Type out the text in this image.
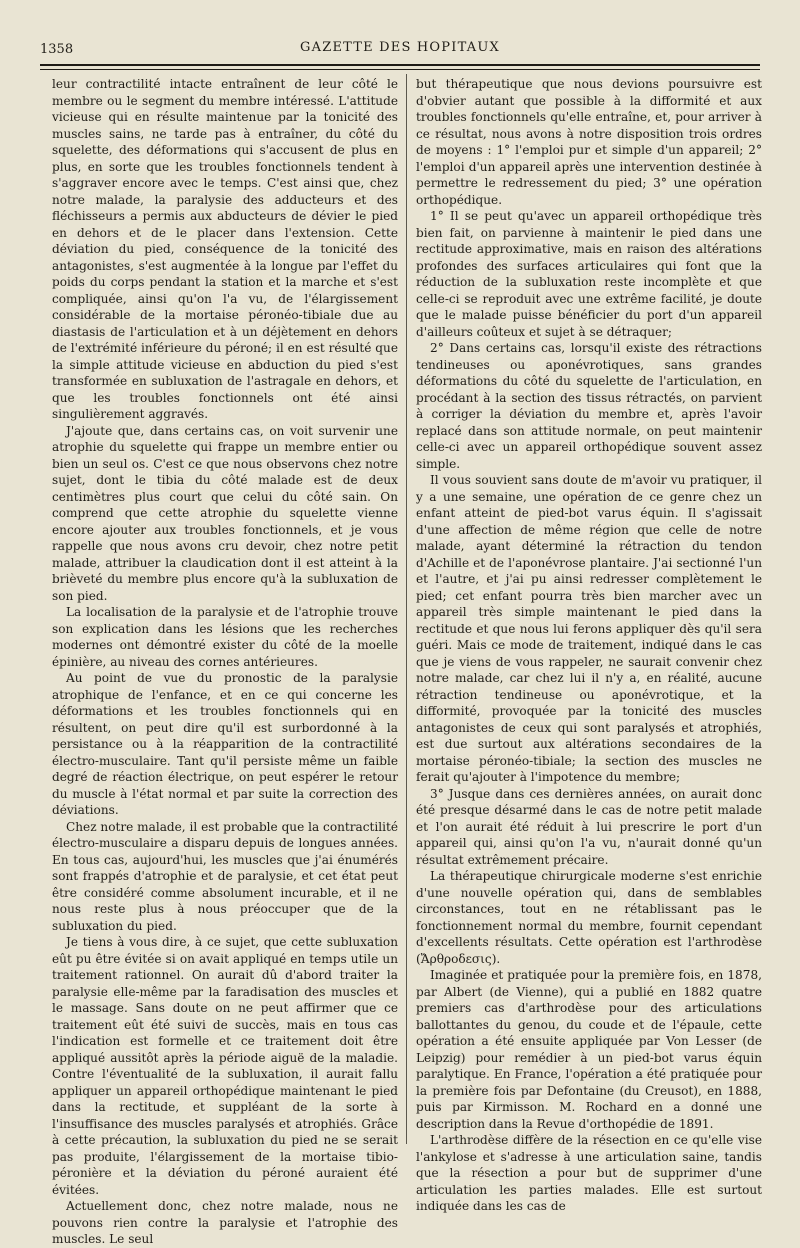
1358	GAZETTE DES HOPITAUX

leur contractilité intacte entraînent de leur côté le membre ou le segment du membre intéressé. L'attitude vicieuse qui en résulte maintenue par la tonicité des muscles sains, ne tarde pas à entraîner, du côté du squelette, des déformations qui s'accusent de plus en plus, en sorte que les troubles fonctionnels tendent à s'aggraver encore avec le temps. C'est ainsi que, chez notre malade, la paralysie des adducteurs et des fléchisseurs a permis aux abducteurs de dévier le pied en dehors et de le placer dans l'extension. Cette déviation du pied, conséquence de la tonicité des antagonistes, s'est augmentée à la longue par l'effet du poids du corps pendant la station et la marche et s'est compliquée, ainsi qu'on l'a vu, de l'élargissement considérable de la mortaise péronéo-tibiale due au diastasis de l'articulation et à un déjètement en dehors de l'extrémité inférieure du péroné; il en est résulté que la simple attitude vicieuse en abduction du pied s'est transformée en subluxation de l'astragale en dehors, et que les troubles fonctionnels ont été ainsi singulièrement aggravés.

J'ajoute que, dans certains cas, on voit survenir une atrophie du squelette qui frappe un membre entier ou bien un seul os. C'est ce que nous observons chez notre sujet, dont le tibia du côté malade est de deux centimètres plus court que celui du côté sain. On comprend que cette atrophie du squelette vienne encore ajouter aux troubles fonctionnels, et je vous rappelle que nous avons cru devoir, chez notre petit malade, attribuer la claudication dont il est atteint à la brièveté du membre plus encore qu'à la subluxation de son pied.

La localisation de la paralysie et de l'atrophie trouve son explication dans les lésions que les recherches modernes ont démontré exister du côté de la moelle épinière, au niveau des cornes antérieures.

Au point de vue du pronostic de la paralysie atrophique de l'enfance, et en ce qui concerne les déformations et les troubles fonctionnels qui en résultent, on peut dire qu'il est surbordonné à la persistance ou à la réapparition de la contractilité électro-musculaire. Tant qu'il persiste même un faible degré de réaction électrique, on peut espérer le retour du muscle à l'état normal et par suite la correction des déviations.

Chez notre malade, il est probable que la contractilité électro-musculaire a disparu depuis de longues années. En tous cas, aujourd'hui, les muscles que j'ai énumérés sont frappés d'atrophie et de paralysie, et cet état peut être considéré comme absolument incurable, et il ne nous reste plus à nous préoccuper que de la subluxation du pied.

Je tiens à vous dire, à ce sujet, que cette subluxation eût pu être évitée si on avait appliqué en temps utile un traitement rationnel. On aurait dû d'abord traiter la paralysie elle-même par la faradisation des muscles et le massage. Sans doute on ne peut affirmer que ce traitement eût été suivi de succès, mais en tous cas l'indication est formelle et ce traitement doit être appliqué aussitôt après la période aiguë de la maladie. Contre l'éventualité de la subluxation, il aurait fallu appliquer un appareil orthopédique maintenant le pied dans la rectitude, et suppléant de la sorte à l'insuffisance des muscles paralysés et atrophiés. Grâce à cette précaution, la subluxation du pied ne se serait pas produite, l'élargissement de la mortaise tibio-péronière et la déviation du péroné auraient été évitées.

Actuellement donc, chez notre malade, nous ne pouvons rien contre la paralysie et l'atrophie des muscles. Le seul

but thérapeutique que nous devions poursuivre est d'obvier autant que possible à la difformité et aux troubles fonctionnels qu'elle entraîne, et, pour arriver à ce résultat, nous avons à notre disposition trois ordres de moyens : 1° l'emploi pur et simple d'un appareil; 2° l'emploi d'un appareil après une intervention destinée à permettre le redressement du pied; 3° une opération orthopédique.

1° Il se peut qu'avec un appareil orthopédique très bien fait, on parvienne à maintenir le pied dans une rectitude approximative, mais en raison des altérations profondes des surfaces articulaires qui font que la réduction de la subluxation reste incomplète et que celle-ci se reproduit avec une extrême facilité, je doute que le malade puisse bénéficier du port d'un appareil d'ailleurs coûteux et sujet à se détraquer;

2° Dans certains cas, lorsqu'il existe des rétractions tendineuses ou aponévrotiques, sans grandes déformations du côté du squelette de l'articulation, en procédant à la section des tissus rétractés, on parvient à corriger la déviation du membre et, après l'avoir replacé dans son attitude normale, on peut maintenir celle-ci avec un appareil orthopédique souvent assez simple.

Il vous souvient sans doute de m'avoir vu pratiquer, il y a une semaine, une opération de ce genre chez un enfant atteint de pied-bot varus équin. Il s'agissait d'une affection de même région que celle de notre malade, ayant déterminé la rétraction du tendon d'Achille et de l'aponévrose plantaire. J'ai sectionné l'un et l'autre, et j'ai pu ainsi redresser complètement le pied; cet enfant pourra très bien marcher avec un appareil très simple maintenant le pied dans la rectitude et que nous lui ferons appliquer dès qu'il sera guéri. Mais ce mode de traitement, indiqué dans le cas que je viens de vous rappeler, ne saurait convenir chez notre malade, car chez lui il n'y a, en réalité, aucune rétraction tendineuse ou aponévrotique, et la difformité, provoquée par la tonicité des muscles antagonistes de ceux qui sont paralysés et atrophiés, est due surtout aux altérations secondaires de la mortaise péronéo-tibiale; la section des muscles ne ferait qu'ajouter à l'impotence du membre;

3° Jusque dans ces dernières années, on aurait donc été presque désarmé dans le cas de notre petit malade et l'on aurait été réduit à lui prescrire le port d'un appareil qui, ainsi qu'on l'a vu, n'aurait donné qu'un résultat extrêmement précaire.

La thérapeutique chirurgicale moderne s'est enrichie d'une nouvelle opération qui, dans de semblables circonstances, tout en ne rétablissant pas le fonctionnement normal du membre, fournit cependant d'excellents résultats. Cette opération est l'arthrodèse (Ἄρθροδεσις).

Imaginée et pratiquée pour la première fois, en 1878, par Albert (de Vienne), qui a publié en 1882 quatre premiers cas d'arthrodèse pour des articulations ballottantes du genou, du coude et de l'épaule, cette opération a été ensuite appliquée par Von Lesser (de Leipzig) pour remédier à un pied-bot varus équin paralytique. En France, l'opération a été pratiquée pour la première fois par Defontaine (du Creusot), en 1888, puis par Kirmisson. M. Rochard en a donné une description dans la Revue d'orthopédie de 1891.

L'arthrodèse diffère de la résection en ce qu'elle vise l'ankylose et s'adresse à une articulation saine, tandis que la résection a pour but de supprimer d'une articulation les parties malades. Elle est surtout indiquée dans les cas de
